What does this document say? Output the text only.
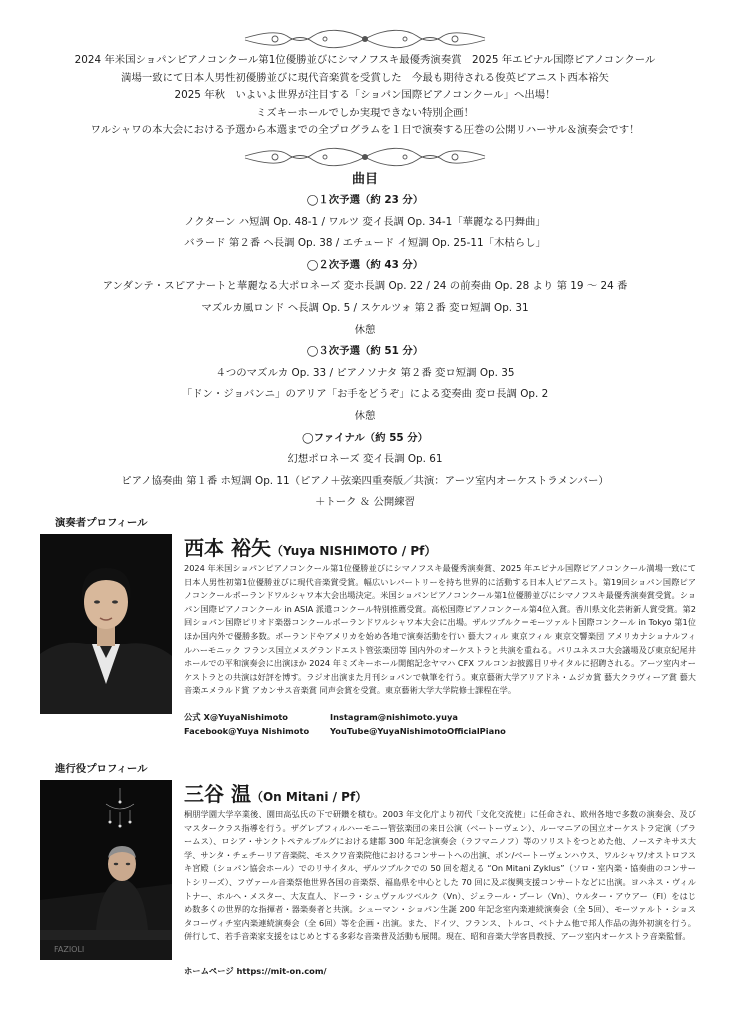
2024 年米国ショパンピアノコンクール第1位優勝並びにシマノフスキ最優秀演奏賞　2025 年エピナル国際ピアノコンクール
満場一致にて日本人男性初優勝並びに現代音楽賞を受賞した　今最も期待される俊英ピアニスト西本裕矢
2025 年秋　いよいよ世界が注目する「ショパン国際ピアノコンクール」へ出場！
ミズキーホールでしか実現できない特別企画！
ワルシャワの本大会における予選から本選までの全プログラムを１日で演奏する圧巻の公開リハーサル＆演奏会です！
曲目
◯１次予選（約 23 分）
ノクターン ハ短調 Op. 48-1 / ワルツ 変イ長調 Op. 34-1「華麗なる円舞曲」
バラード 第２番 ヘ長調 Op. 38 / エチュード イ短調 Op. 25-11「木枯らし」
◯２次予選（約 43 分）
アンダンテ・スピアナートと華麗なる大ポロネーズ 変ホ長調 Op. 22 / 24 の前奏曲 Op. 28 より 第 19 ～ 24 番
マズルカ風ロンド ヘ長調 Op. 5 / スケルツォ 第２番 変ロ短調 Op. 31
休憩
◯３次予選（約 51 分）
４つのマズルカ Op. 33 / ピアノソナタ 第２番 変ロ短調 Op. 35
「ドン・ジョバンニ」のアリア「お手をどうぞ」による変奏曲 変ロ長調 Op. 2
休憩
◯ファイナル（約 55 分）
幻想ポロネーズ 変イ長調 Op. 61
ピアノ協奏曲 第１番 ホ短調 Op. 11（ピアノ＋弦楽四重奏版／共演：アーツ室内オーケストラメンバー）
＋トーク ＆ 公開練習
演奏者プロフィール
西本 裕矢（Yuya NISHIMOTO / Pf）
2024 年米国ショパンピアノコンクール第1位優勝並びにシマノフスキ最優秀演奏賞、2025 年エピナル国際ピアノコンクール満場一致にて日本人男性初第1位優勝並びに現代音楽賞受賞。幅広いレパートリーを持ち世界的に活動する日本人ピアニスト。第19回ショパン国際ピアノコンクールポーランドワルシャワ本大会出場決定。米国ショパンピアノコンクール第1位優勝並びにシマノフスキ最優秀演奏賞受賞。ショパン国際ピアノコンクール in ASIA 派遣コンクール特別推薦受賞。高松国際ピアノコンクール第4位入賞。香川県文化芸術新人賞受賞。第2回ショパン国際ピリオド楽器コンクールポーランドワルシャワ本大会に出場。ザルツブルク＝モーツァルト国際コンクール in Tokyo 第1位ほか国内外で優勝多数。ポーランドやアメリカを始め各地で演奏活動を行い 藝大フィル 東京フィル 東京交響楽団 アメリカナショナルフィルハーモニック フランス国立メスグランドエスト管弦楽団等 国内外のオーケストラと共演を重ねる。パリユネスコ大会議場及び東京紀尾井ホールでの平和演奏会に出演ほか 2024 年ミズキーホール開館記念ヤマハ CFX フルコンお披露目リサイタルに招聘される。アーツ室内オーケストラとの共演は好評を博す。ラジオ出演また月刊ショパンで執筆を行う。東京藝術大学アリアドネ・ムジカ賞 藝大クラヴィーア賞 藝大音楽エメラルド賞 アカンサス音楽賞 同声会賞を受賞。東京藝術大学大学院修士課程在学。
公式 X@YuyaNishimoto	Instagram@nishimoto.yuya
Facebook@Yuya Nishimoto	YouTube@YuyaNishimotoOfficialPiano
進行役プロフィール
FAZIOLI
三谷 温（On Mitani / Pf）
桐朋学園大学卒業後、園田高弘氏の下で研鑽を積む。2003 年文化庁より初代「文化交流使」に任命され、欧州各地で多数の演奏会、及びマスタークラス指導を行う。ザグレブフィルハーモニー管弦楽団の来日公演（ベートーヴェン）、ルーマニアの国立オーケストラ定演（ブラームス）、ロシア・サンクトペテルブルグにおける建都 300 年記念演奏会（ラフマニノフ）等のソリストをつとめた他、ノーステキサス大学、サンタ・チェチーリア音楽院、モスクワ音楽院他におけるコンサートへの出演、ボン/ベートーヴェンハウス、ワルシャワ/オストロフスキ宮殿（ショパン協会ホール）でのリサイタル、ザルツブルクでの 50 回を超える “On Mitani Zyklus”（ソロ・室内楽・協奏曲のコンサートシリーズ）、フヴァール音楽祭他世界各国の音楽祭、福島県を中心とした 70 回に及ぶ復興支援コンサートなどに出演。ヨハネス・ヴィルトナー、ホルヘ・メスター、大友直人、ドーラ・シュヴァルツベルク（Vn）、ジェラール・プーレ（Vn）、ウルター・アウアー（Fl）をはじめ数多くの世界的な指揮者・器楽奏者と共演。シューマン・ショパン生誕 200 年記念室内楽連続演奏会（全 5回）、モーツァルト・ショスタコーヴィチ室内楽連続演奏会（全 6回）等を企画・出演。また、ドイツ、フランス、トルコ、ベトナム他で邦人作品の海外初演を行う。併行して、若手音楽家支援をはじめとする多彩な音楽普及活動も展開。現在、昭和音楽大学客員教授、アーツ室内オーケストラ音楽監督。
ホームページ https://mit-on.com/
